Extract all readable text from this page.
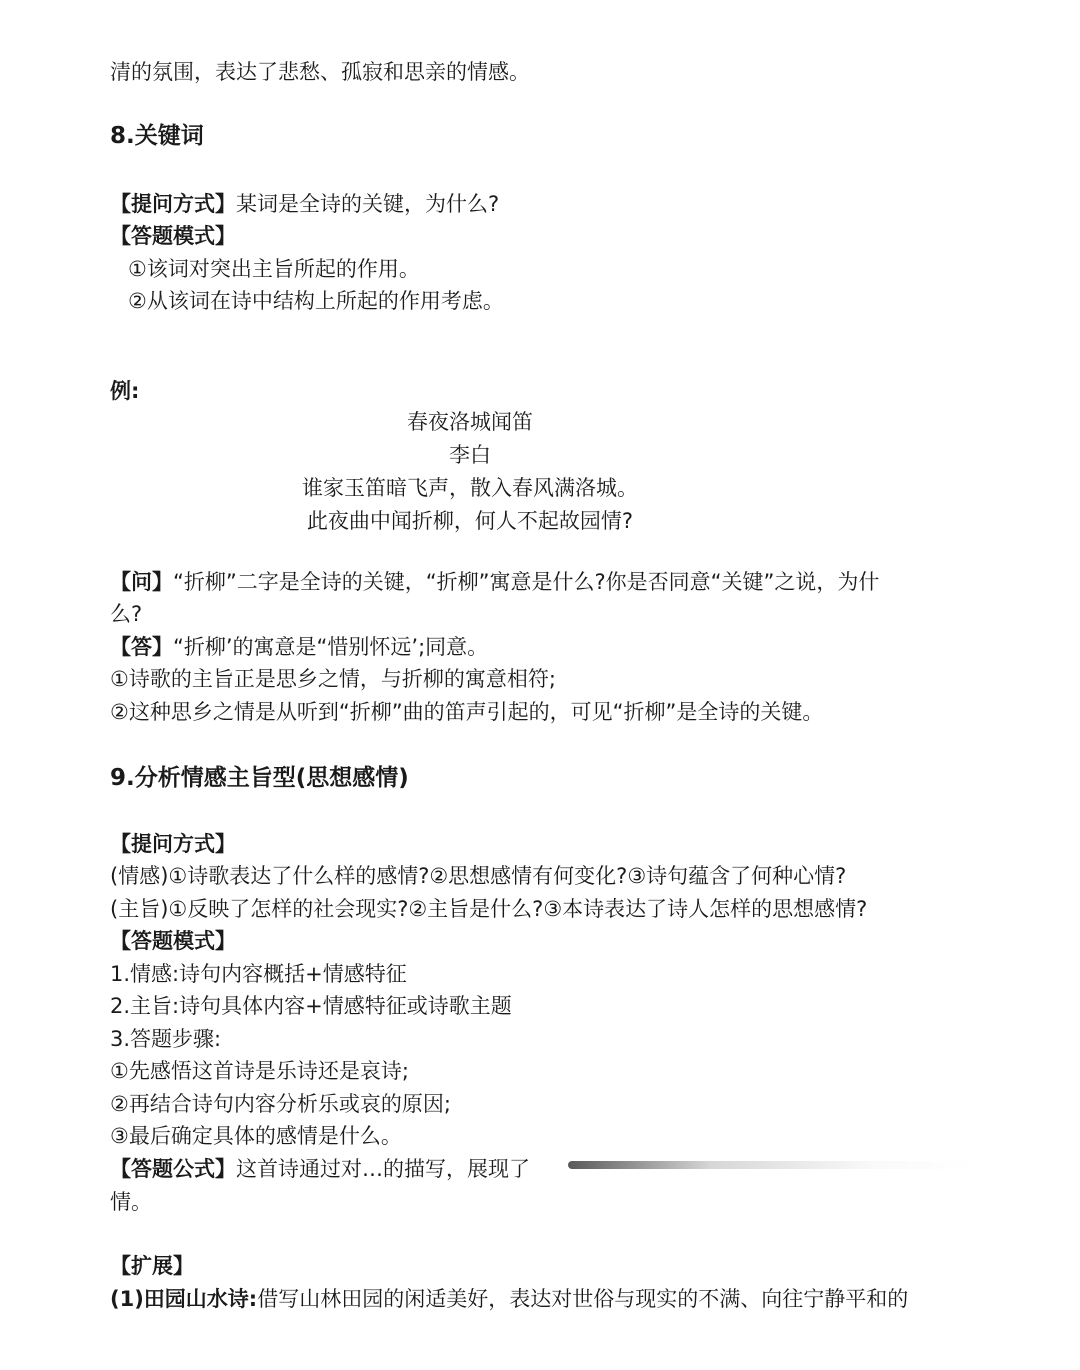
清的氛围，表达了悲愁、孤寂和思亲的情感。
8.关键词
【提问方式】某词是全诗的关键，为什么?
【答题模式】
①该词对突出主旨所起的作用。
②从该词在诗中结构上所起的作用考虑。
例:
春夜洛城闻笛
李白
谁家玉笛暗飞声，散入春风满洛城。
此夜曲中闻折柳，何人不起故园情?
【问】“折柳”二字是全诗的关键，“折柳”寓意是什么?你是否同意“关键”之说，为什
么?
【答】“折柳’的寓意是“惜别怀远’;同意。
①诗歌的主旨正是思乡之情，与折柳的寓意相符;
②这种思乡之情是从听到“折柳”曲的笛声引起的，可见“折柳”是全诗的关键。
9.分析情感主旨型(思想感情)
【提问方式】
(情感)①诗歌表达了什么样的感情?②思想感情有何变化?③诗句蕴含了何种心情?
(主旨)①反映了怎样的社会现实?②主旨是什么?③本诗表达了诗人怎样的思想感情?
【答题模式】
1.情感:诗句内容概括+情感特征
2.主旨:诗句具体内容+情感特征或诗歌主题
3.答题步骤:
①先感悟这首诗是乐诗还是哀诗;
②再结合诗句内容分析乐或哀的原因;
③最后确定具体的感情是什么。
【答题公式】这首诗通过对…的描写，展现了
情。
【扩展】
(1)田园山水诗:借写山林田园的闲适美好，表达对世俗与现实的不满、向往宁静平和的
